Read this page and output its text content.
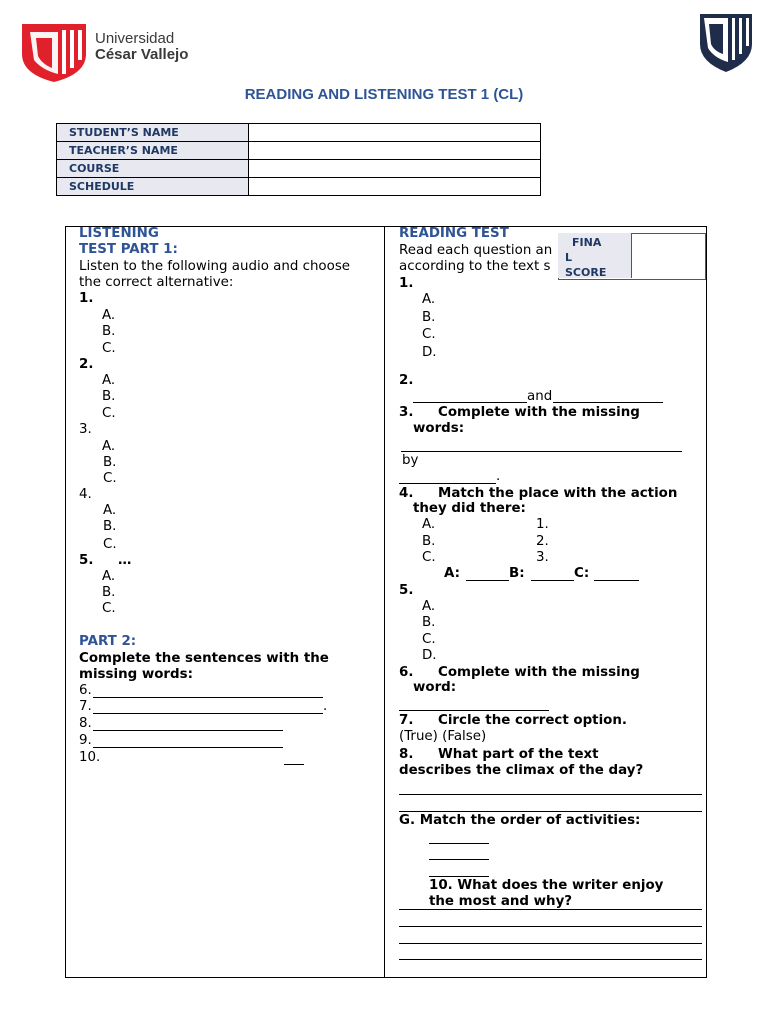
Universidad
César Vallejo
READING AND LISTENING TEST 1 (CL)
STUDENT’S NAME	
TEACHER’S NAME	
COURSE	
SCHEDULE	
LISTENING
TEST PART 1:
Listen to the following audio and choose
the correct alternative:
1.
A.
B.
C.
2.
A.
B.
C.
3.
A.
B.
C.
4.
A.
B.
C.
5. …
A.
B.
C.
PART 2:
Complete the sentences with the
missing words:
6.
7.	.
8.
9.
10.
READING TEST
Read each question an
according to the text s
FINA
L
SCORE
1.
A.
B.
C.
D.
2.
and
3. Complete with the missing
words:
by
.
4. Match the place with the action
they did there:
A.	1.
B.	2.
C.	3.
A:	B:	C:
5.
A.
B.
C.
D.
6. Complete with the missing
word:
7. Circle the correct option.
(True) (False)
8. What part of the text
describes the climax of the day?
G. Match the order of activities:
10. What does the writer enjoy
the most and why?
